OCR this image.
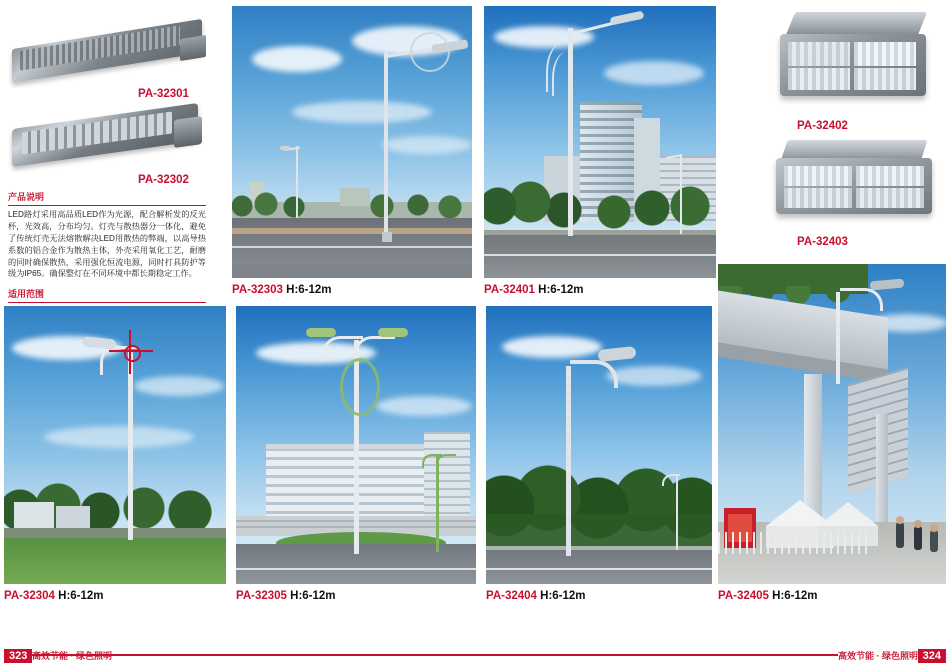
PA-32301
PA-32302
产品说明
LED路灯采用高品质LED作为光源，配合解析发的反光杯，光效高，分布均匀。灯壳与散热器分一体化，避免了传统灯壳无法熔散解决LED用散热的弊端，以高导热系数的铝合金作为散热主体，外壳采用氧化工艺，耐磨的同时确保散热，采用强化恒流电源，同时打具防护等级为IP65。确保整灯在不同环境中都长期稳定工作。
适用范围	PA-32303 H:6-12m	PA-32401 H:6-12m
PA-32402
PA-32403
PA-32304 H:6-12m	PA-32305 H:6-12m	PA-32404 H:6-12m	PA-32405 H:6-12m
323	324
高效节能 · 绿色照明	高效节能 · 绿色照明
